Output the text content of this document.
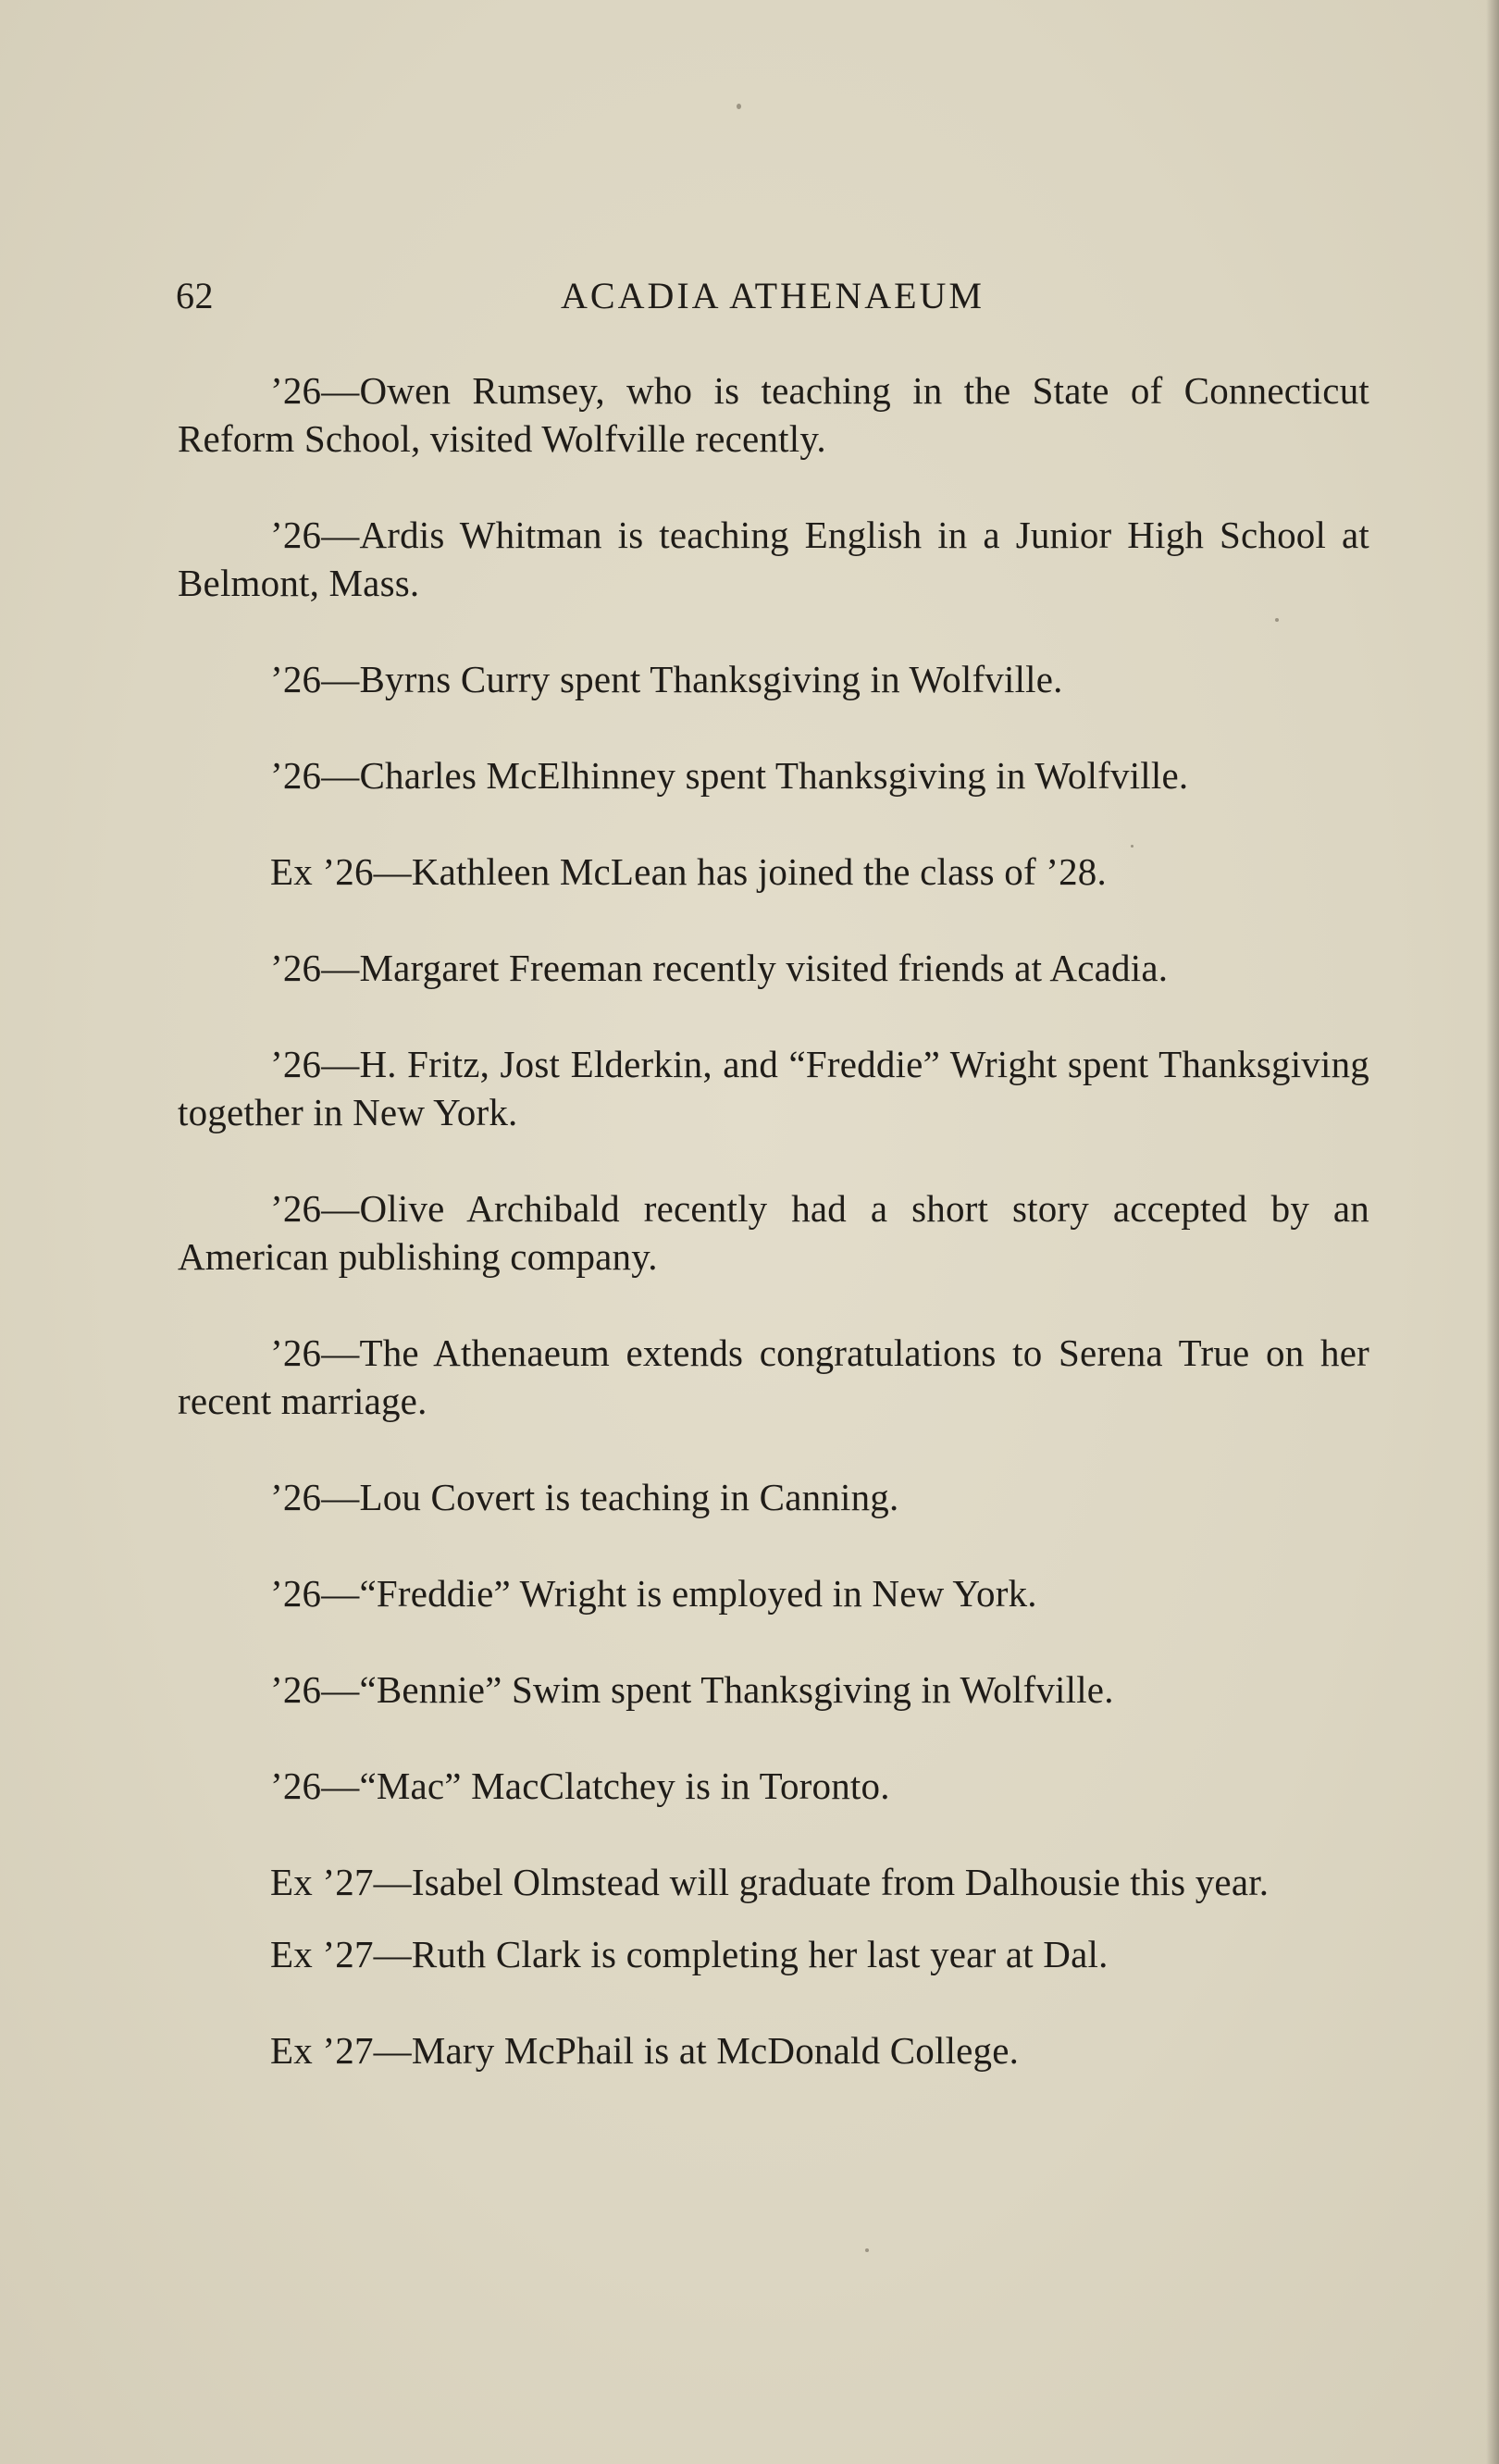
62	ACADIA ATHENAEUM

’26—Owen Rumsey, who is teaching in the State of Connecticut Reform School, visited Wolfville recently.

’26—Ardis Whitman is teaching English in a Junior High School at Belmont, Mass.

’26—Byrns Curry spent Thanksgiving in Wolfville.

’26—Charles McElhinney spent Thanksgiving in Wolfville.

Ex ’26—Kathleen McLean has joined the class of ’28.

’26—Margaret Freeman recently visited friends at Acadia.

’26—H. Fritz, Jost Elderkin, and “Freddie” Wright spent Thanksgiving together in New York.

’26—Olive Archibald recently had a short story accepted by an American publishing company.

’26—The Athenaeum extends congratulations to Serena True on her recent marriage.

’26—Lou Covert is teaching in Canning.

’26—“Freddie” Wright is employed in New York.

’26—“Bennie” Swim spent Thanksgiving in Wolfville.

’26—“Mac” MacClatchey is in Toronto.

Ex ’27—Isabel Olmstead will graduate from Dalhousie this year.

Ex ’27—Ruth Clark is completing her last year at Dal.

Ex ’27—Mary McPhail is at McDonald College.
